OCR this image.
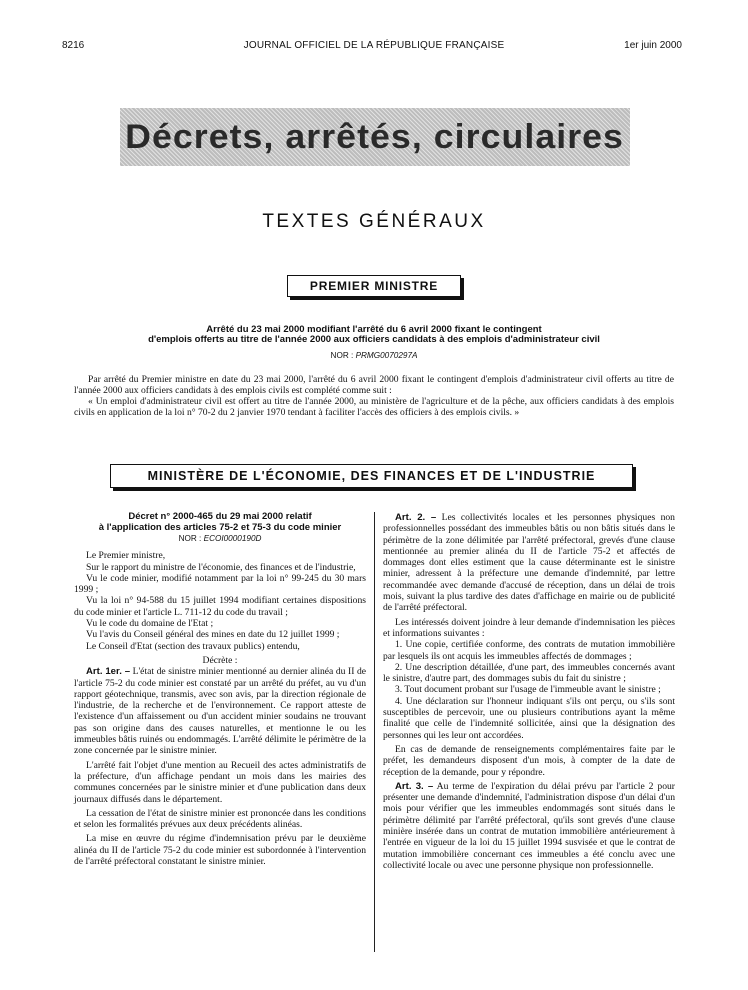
8216	JOURNAL OFFICIEL DE LA RÉPUBLIQUE FRANÇAISE	1er juin 2000
Décrets, arrêtés, circulaires
TEXTES GÉNÉRAUX
PREMIER MINISTRE
Arrêté du 23 mai 2000 modifiant l'arrêté du 6 avril 2000 fixant le contingent
d'emplois offerts au titre de l'année 2000 aux officiers candidats à des emplois d'administrateur civil
NOR : PRMG0070297A
Par arrêté du Premier ministre en date du 23 mai 2000, l'arrêté du 6 avril 2000 fixant le contingent d'emplois d'administrateur civil offerts au titre de l'année 2000 aux officiers candidats à des emplois civils est complété comme suit :
« Un emploi d'administrateur civil est offert au titre de l'année 2000, au ministère de l'agriculture et de la pêche, aux officiers candidats à des emplois civils en application de la loi n° 70-2 du 2 janvier 1970 tendant à faciliter l'accès des officiers à des emplois civils. »
MINISTÈRE DE L'ÉCONOMIE, DES FINANCES ET DE L'INDUSTRIE
Décret n° 2000-465 du 29 mai 2000 relatif
à l'application des articles 75-2 et 75-3 du code minier
NOR : ECOI0000190D

Le Premier ministre,

Sur le rapport du ministre de l'économie, des finances et de l'industrie,

Vu le code minier, modifié notamment par la loi n° 99-245 du 30 mars 1999 ;

Vu la loi n° 94-588 du 15 juillet 1994 modifiant certaines dispositions du code minier et l'article L. 711-12 du code du travail ;

Vu le code du domaine de l'Etat ;

Vu l'avis du Conseil général des mines en date du 12 juillet 1999 ;

Le Conseil d'Etat (section des travaux publics) entendu,

Décrète :

Art. 1er. – L'état de sinistre minier mentionné au dernier alinéa du II de l'article 75-2 du code minier est constaté par un arrêté du préfet, au vu d'un rapport géotechnique, transmis, avec son avis, par la direction régionale de l'industrie, de la recherche et de l'environnement. Ce rapport atteste de l'existence d'un affaissement ou d'un accident minier soudains ne trouvant pas son origine dans des causes naturelles, et mentionne le ou les immeubles bâtis ruinés ou endommagés. L'arrêté délimite le périmètre de la zone concernée par le sinistre minier.

L'arrêté fait l'objet d'une mention au Recueil des actes administratifs de la préfecture, d'un affichage pendant un mois dans les mairies des communes concernées par le sinistre minier et d'une publication dans deux journaux diffusés dans le département.

La cessation de l'état de sinistre minier est prononcée dans les conditions et selon les formalités prévues aux deux précédents alinéas.

La mise en œuvre du régime d'indemnisation prévu par le deuxième alinéa du II de l'article 75-2 du code minier est subordonnée à l'intervention de l'arrêté préfectoral constatant le sinistre minier.

Art. 2. – Les collectivités locales et les personnes physiques non professionnelles possédant des immeubles bâtis ou non bâtis situés dans le périmètre de la zone délimitée par l'arrêté préfectoral, grevés d'une clause mentionnée au premier alinéa du II de l'article 75-2 et affectés de dommages dont elles estiment que la cause déterminante est le sinistre minier, adressent à la préfecture une demande d'indemnité, par lettre recommandée avec demande d'accusé de réception, dans un délai de trois mois, suivant la plus tardive des dates d'affichage en mairie ou de publicité de l'arrêté préfectoral.

Les intéressés doivent joindre à leur demande d'indemnisation les pièces et informations suivantes :

1. Une copie, certifiée conforme, des contrats de mutation immobilière par lesquels ils ont acquis les immeubles affectés de dommages ;

2. Une description détaillée, d'une part, des immeubles concernés avant le sinistre, d'autre part, des dommages subis du fait du sinistre ;

3. Tout document probant sur l'usage de l'immeuble avant le sinistre ;

4. Une déclaration sur l'honneur indiquant s'ils ont perçu, ou s'ils sont susceptibles de percevoir, une ou plusieurs contributions ayant la même finalité que celle de l'indemnité sollicitée, ainsi que la désignation des personnes qui les leur ont accordées.

En cas de demande de renseignements complémentaires faite par le préfet, les demandeurs disposent d'un mois, à compter de la date de réception de la demande, pour y répondre.

Art. 3. – Au terme de l'expiration du délai prévu par l'article 2 pour présenter une demande d'indemnité, l'administration dispose d'un délai d'un mois pour vérifier que les immeubles endommagés sont situés dans le périmètre délimité par l'arrêté préfectoral, qu'ils sont grevés d'une clause minière insérée dans un contrat de mutation immobilière antérieurement à l'entrée en vigueur de la loi du 15 juillet 1994 susvisée et que le contrat de mutation immobilière concernant ces immeubles a été conclu avec une collectivité locale ou avec une personne physique non professionnelle.
